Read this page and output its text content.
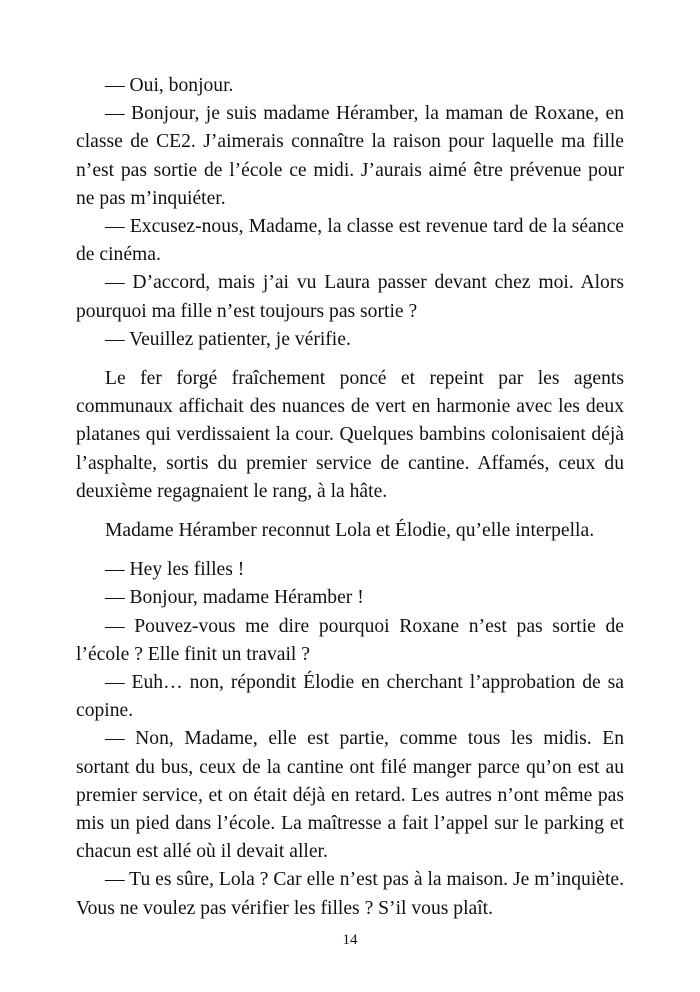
— Oui, bonjour.

— Bonjour, je suis madame Héramber, la maman de Roxane, en classe de CE2. J’aimerais connaître la raison pour laquelle ma fille n’est pas sortie de l’école ce midi. J’aurais aimé être prévenue pour ne pas m’inquiéter.

— Excusez-nous, Madame, la classe est revenue tard de la séance de cinéma.

— D’accord, mais j’ai vu Laura passer devant chez moi. Alors pourquoi ma fille n’est toujours pas sortie ?

— Veuillez patienter, je vérifie.

Le fer forgé fraîchement poncé et repeint par les agents communaux affichait des nuances de vert en harmonie avec les deux platanes qui verdissaient la cour. Quelques bambins colonisaient déjà l’asphalte, sortis du premier service de cantine. Affamés, ceux du deuxième regagnaient le rang, à la hâte.

Madame Héramber reconnut Lola et Élodie, qu’elle interpella.

— Hey les filles !

— Bonjour, madame Héramber !

— Pouvez-vous me dire pourquoi Roxane n’est pas sortie de l’école ? Elle finit un travail ?

— Euh… non, répondit Élodie en cherchant l’approbation de sa copine.

— Non, Madame, elle est partie, comme tous les midis. En sortant du bus, ceux de la cantine ont filé manger parce qu’on est au premier service, et on était déjà en retard. Les autres n’ont même pas mis un pied dans l’école. La maîtresse a fait l’appel sur le parking et chacun est allé où il devait aller.

— Tu es sûre, Lola ? Car elle n’est pas à la maison. Je m’inquiète. Vous ne voulez pas vérifier les filles ? S’il vous plaît.

14
